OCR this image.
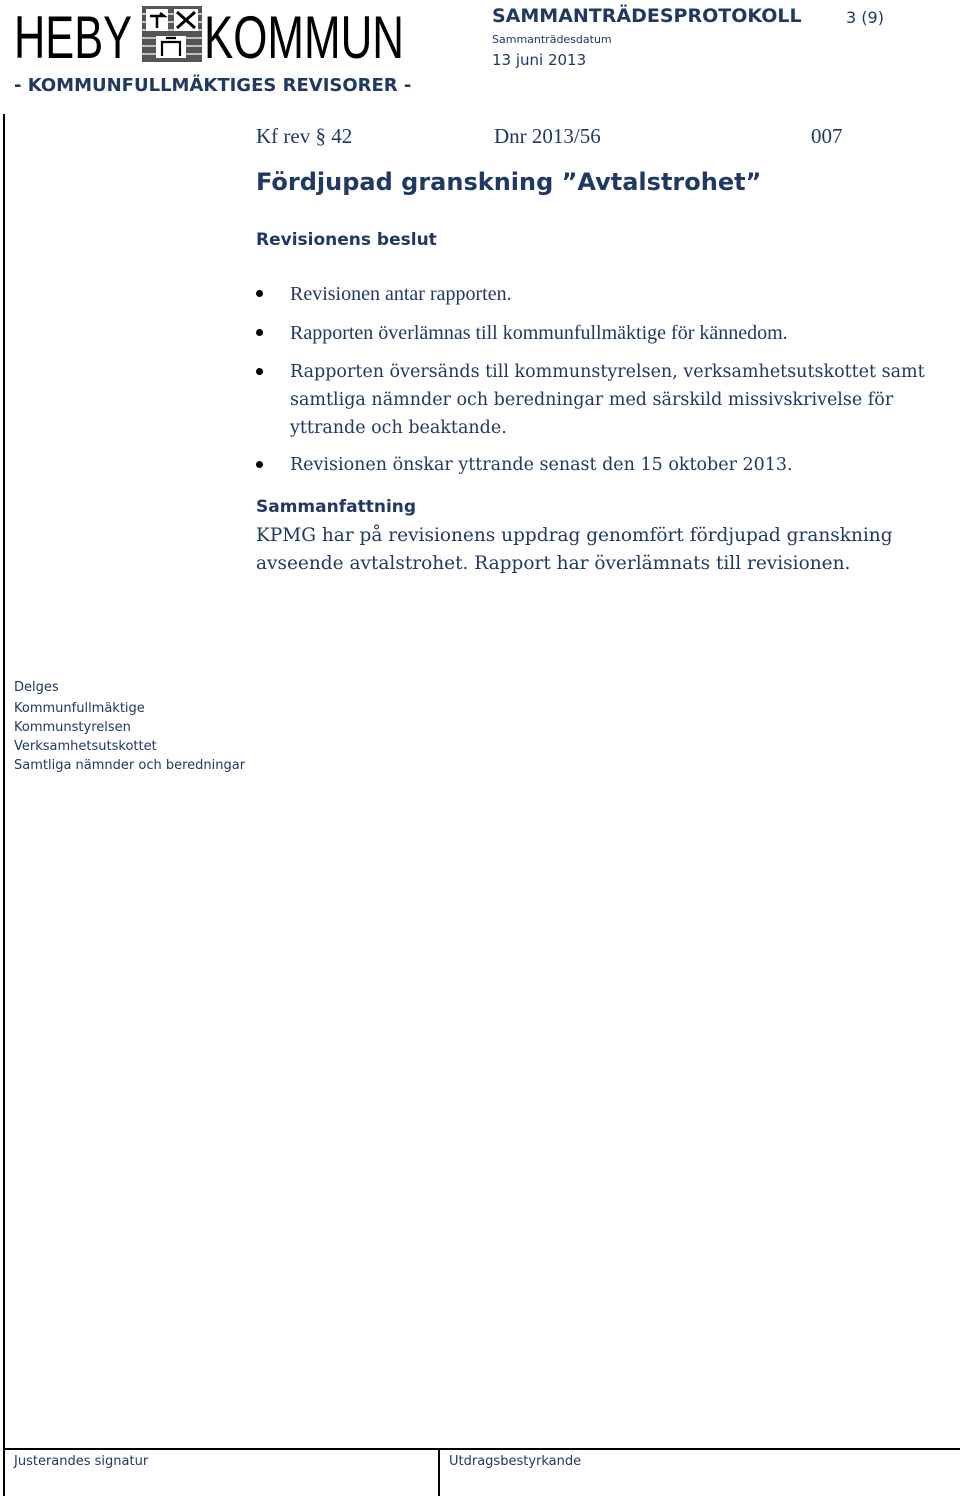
HEBY KOMMUN	SAMMANTRÄDESPROTOKOLL	3 (9)
Sammanträdesdatum
13 juni 2013
- KOMMUNFULLMÄKTIGES REVISORER -
Kf rev § 42	Dnr 2013/56	007
Fördjupad granskning ”Avtalstrohet”
Revisionens beslut
Revisionen antar rapporten.
Rapporten överlämnas till kommunfullmäktige för kännedom.
Rapporten översänds till kommunstyrelsen, verksamhetsutskottet samt samtliga nämnder och beredningar med särskild missivskrivelse för yttrande och beaktande.
Revisionen önskar yttrande senast den 15 oktober 2013.
Sammanfattning
KPMG har på revisionens uppdrag genomfört fördjupad granskning avseende avtalstrohet. Rapport har överlämnats till revisionen.
Delges
Kommunfullmäktige
Kommunstyrelsen
Verksamhetsutskottet
Samtliga nämnder och beredningar
Justerandes signatur	Utdragsbestyrkande
